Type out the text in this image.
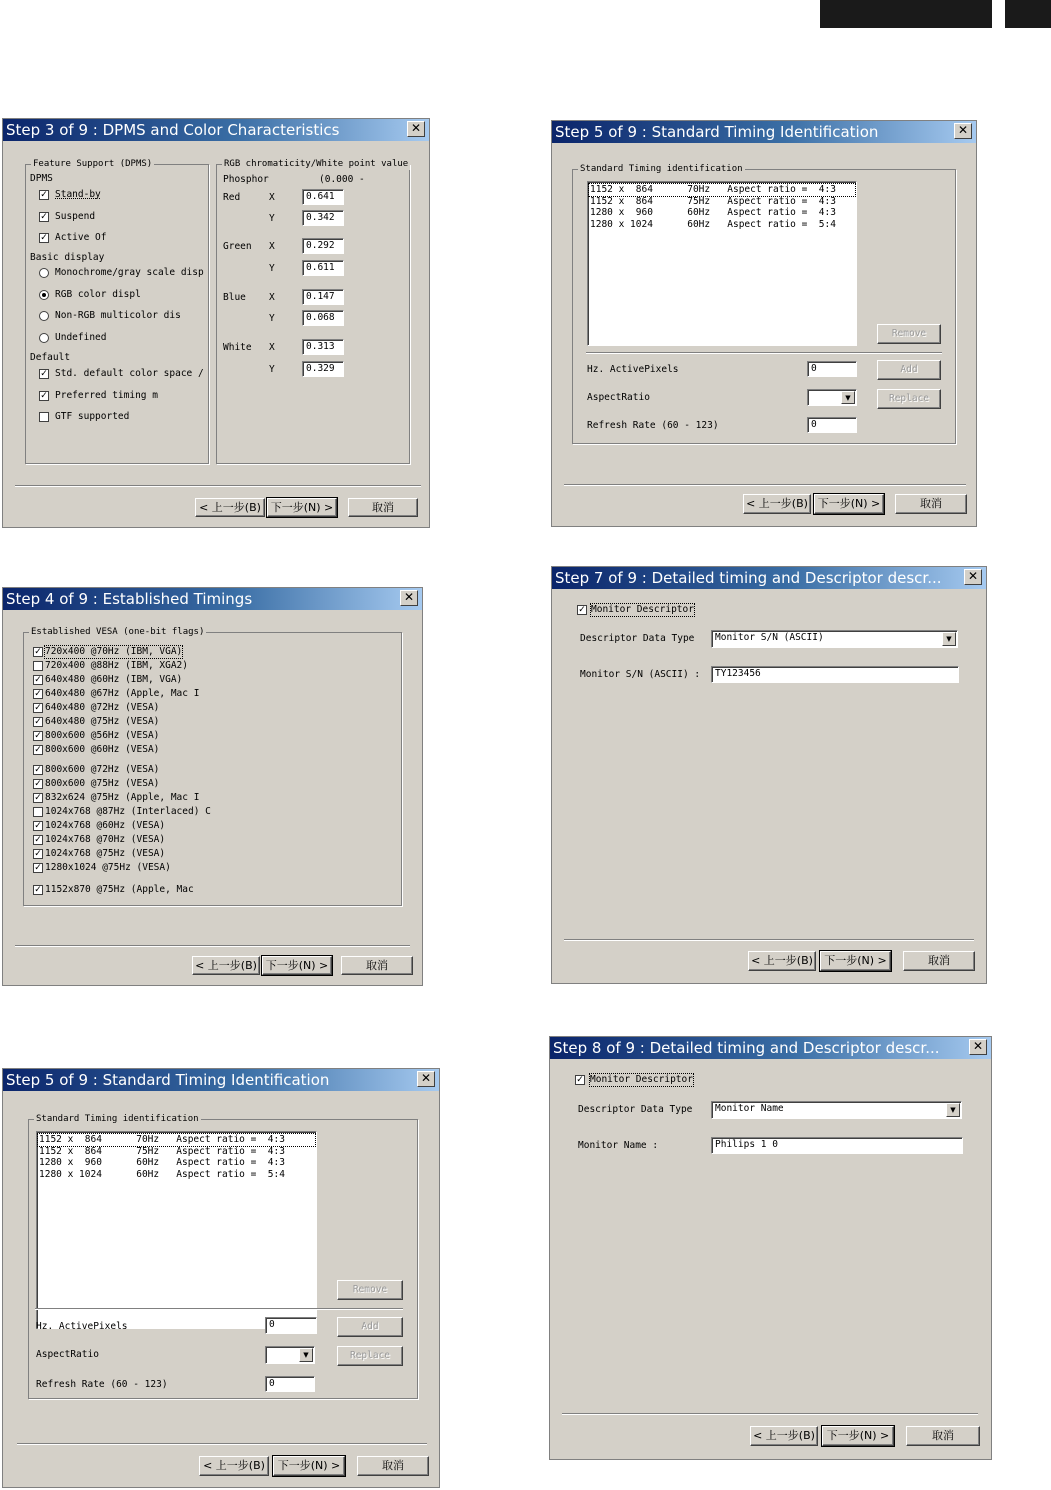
Step 3 of 9 : DPMS and Color Characteristics	✕
Feature Support (DPMS)
DPMS
✓ Stand-by
✓ Suspend
✓ Active Of
Basic display
Monochrome/gray scale disp
RGB color displ
Non-RGB multicolor dis
Undefined
Default
✓ Std. default color space /
✓ Preferred timing m
GTF supported
RGB chromaticity/White point value
Phosphor	(0.000 -
Red	X	0.641
Y	0.342
Green X	0.292
Y	0.611
Blue X	0.147
Y	0.068
White X	0.313
Y	0.329
< 上一步(B) 下一步(N) >	取消
Step 4 of 9 : Established Timings	✕
Established VESA (one-bit flags)
✓ 720x400 @70Hz (IBM, VGA)
720x400 @88Hz (IBM, XGA2)
✓ 640x480 @60Hz (IBM, VGA)
✓ 640x480 @67Hz (Apple, Mac I
✓ 640x480 @72Hz (VESA)
✓ 640x480 @75Hz (VESA)
✓ 800x600 @56Hz (VESA)
✓ 800x600 @60Hz (VESA)
✓ 800x600 @72Hz (VESA)
✓ 800x600 @75Hz (VESA)
✓ 832x624 @75Hz (Apple, Mac I
1024x768 @87Hz (Interlaced) C
✓ 1024x768 @60Hz (VESA)
✓ 1024x768 @70Hz (VESA)
✓ 1024x768 @75Hz (VESA)
✓ 1280x1024 @75Hz (VESA)
✓ 1152x870 @75Hz (Apple, Mac
< 上一步(B) 下一步(N) >	取消
Step 5 of 9 : Standard Timing Identification	✕
Standard Timing identification
1152 x  864      70Hz   Aspect ratio =  4:3
1152 x  864      75Hz   Aspect ratio =  4:3
1280 x  960      60Hz   Aspect ratio =  4:3
1280 x 1024      60Hz   Aspect ratio =  5:4
Remove
Hz. ActivePixels	0	Add
AspectRatio	▼	Replace
Refresh Rate (60 - 123)	0
< 上一步(B)	下一步(N) >	取消
Step 5 of 9 : Standard Timing Identification	✕
Standard Timing identification
1152 x  864      70Hz   Aspect ratio =  4:3
1152 x  864      75Hz   Aspect ratio =  4:3
1280 x  960      60Hz   Aspect ratio =  4:3
1280 x 1024      60Hz   Aspect ratio =  5:4
Remove
Hz. ActivePixels	0	Add
AspectRatio	▼	Replace
Refresh Rate (60 - 123)	0
< 上一步(B) 下一步(N) >	取消
Step 7 of 9 : Detailed timing and Descriptor descr...	✕
✓ Monitor Descriptor
Descriptor Data Type	Monitor S/N (ASCII)	▼
Monitor S/N (ASCII) :	TY123456
< 上一步(B)	下一步(N) >	取消
Step 8 of 9 : Detailed timing and Descriptor descr...	✕
✓ Monitor Descriptor
Descriptor Data Type	Monitor Name	▼
Monitor Name :	Philips 1 0
< 上一步(B)	下一步(N) >	取消
